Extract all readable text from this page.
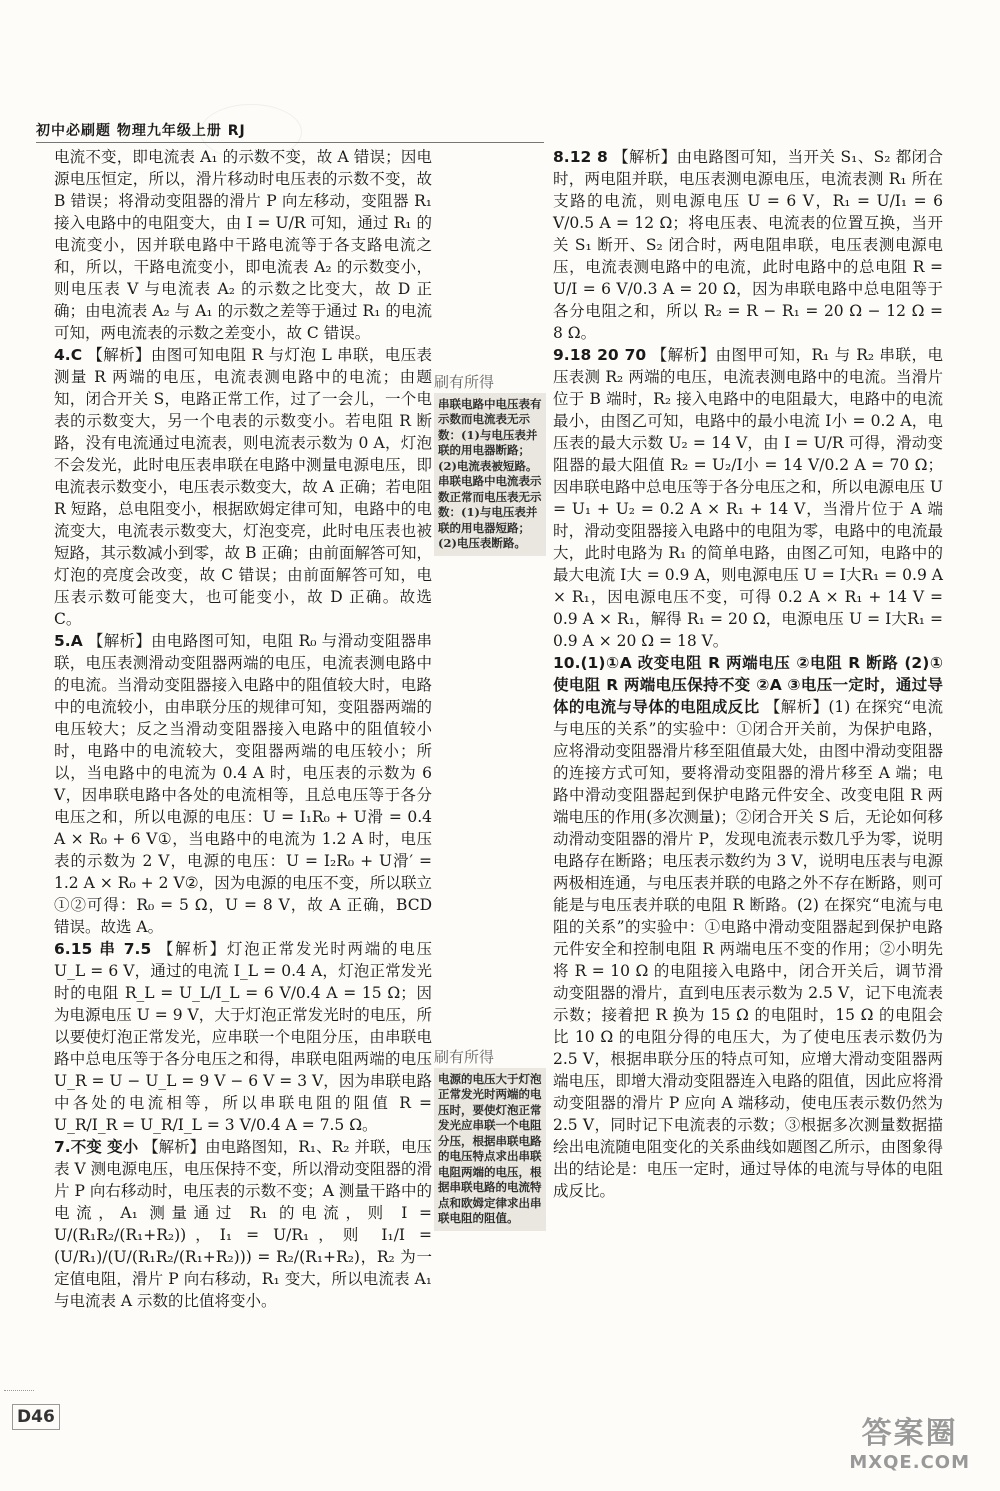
初中必刷题 物理九年级上册 RJ
电流不变，即电流表 A₁ 的示数不变，故 A 错误；因电源电压恒定，所以，滑片移动时电压表的示数不变，故 B 错误；将滑动变阻器的滑片 P 向左移动，变阻器 R₁ 接入电路中的电阻变大，由 I = U/R 可知，通过 R₁ 的电流变小，因并联电路中干路电流等于各支路电流之和，所以，干路电流变小，即电流表 A₂ 的示数变小，则电压表 V 与电流表 A₂ 的示数之比变大，故 D 正确；由电流表 A₂ 与 A₁ 的示数之差等于通过 R₁ 的电流可知，两电流表的示数之差变小，故 C 错误。
4.C 【解析】由图可知电阻 R 与灯泡 L 串联，电压表测量 R 两端的电压，电流表测电路中的电流；由题知，闭合开关 S，电路正常工作，过了一会儿，一个电表的示数变大，另一个电表的示数变小。若电阻 R 断路，没有电流通过电流表，则电流表示数为 0 A，灯泡不会发光，此时电压表串联在电路中测量电源电压，即电流表示数变小，电压表示数变大，故 A 正确；若电阻 R 短路，总电阻变小，根据欧姆定律可知，电路中的电流变大，电流表示数变大，灯泡变亮，此时电压表也被短路，其示数减小到零，故 B 正确；由前面解答可知，灯泡的亮度会改变，故 C 错误；由前面解答可知，电压表示数可能变大，也可能变小，故 D 正确。故选 C。
5.A 【解析】由电路图可知，电阻 R₀ 与滑动变阻器串联，电压表测滑动变阻器两端的电压，电流表测电路中的电流。当滑动变阻器接入电路中的阻值较大时，电路中的电流较小，由串联分压的规律可知，变阻器两端的电压较大；反之当滑动变阻器接入电路中的阻值较小时，电路中的电流较大，变阻器两端的电压较小；所以，当电路中的电流为 0.4 A 时，电压表的示数为 6 V，因串联电路中各处的电流相等，且总电压等于各分电压之和，所以电源的电压：U = I₁R₀ + U滑 = 0.4 A × R₀ + 6 V①，当电路中的电流为 1.2 A 时，电压表的示数为 2 V，电源的电压：U = I₂R₀ + U滑′ = 1.2 A × R₀ + 2 V②，因为电源的电压不变，所以联立①②可得：R₀ = 5 Ω，U = 8 V，故 A 正确，BCD 错误。故选 A。
6.15 串 7.5 【解析】灯泡正常发光时两端的电压 U_L = 6 V，通过的电流 I_L = 0.4 A，灯泡正常发光时的电阻 R_L = U_L/I_L = 6 V/0.4 A = 15 Ω；因为电源电压 U = 9 V，大于灯泡正常发光时的电压，所以要使灯泡正常发光，应串联一个电阻分压，由串联电路中总电压等于各分电压之和得，串联电阻两端的电压 U_R = U − U_L = 9 V − 6 V = 3 V，因为串联电路中各处的电流相等，所以串联电阻的阻值 R = U_R/I_R = U_R/I_L = 3 V/0.4 A = 7.5 Ω。
7.不变 变小 【解析】由电路图知，R₁、R₂ 并联，电压表 V 测电源电压，电压保持不变，所以滑动变阻器的滑片 P 向右移动时，电压表的示数不变；A 测量干路中的电流，A₁ 测量通过 R₁ 的电流，则 I = U/(R₁R₂/(R₁+R₂))，I₁ = U/R₁，则 I₁/I = (U/R₁)/(U/(R₁R₂/(R₁+R₂))) = R₂/(R₁+R₂)，R₂ 为一定值电阻，滑片 P 向右移动，R₁ 变大，所以电流表 A₁ 与电流表 A 示数的比值将变小。
刷有所得
串联电路中电压表有示数而电流表无示数：(1)与电压表并联的用电器断路；(2)电流表被短路。串联电路中电流表示数正常而电压表无示数：(1)与电压表并联的用电器短路；(2)电压表断路。
刷有所得
电源的电压大于灯泡正常发光时两端的电压时，要使灯泡正常发光应串联一个电阻分压，根据串联电路的电压特点求出串联电阻两端的电压，根据串联电路的电流特点和欧姆定律求出串联电阻的阻值。
8.12 8 【解析】由电路图可知，当开关 S₁、S₂ 都闭合时，两电阻并联，电压表测电源电压，电流表测 R₁ 所在支路的电流，则电源电压 U = 6 V，R₁ = U/I₁ = 6 V/0.5 A = 12 Ω；将电压表、电流表的位置互换，当开关 S₁ 断开、S₂ 闭合时，两电阻串联，电压表测电源电压，电流表测电路中的电流，此时电路中的总电阻 R = U/I = 6 V/0.3 A = 20 Ω，因为串联电路中总电阻等于各分电阻之和，所以 R₂ = R − R₁ = 20 Ω − 12 Ω = 8 Ω。
9.18 20 70 【解析】由图甲可知，R₁ 与 R₂ 串联，电压表测 R₂ 两端的电压，电流表测电路中的电流。当滑片位于 B 端时，R₂ 接入电路中的电阻最大，电路中的电流最小，由图乙可知，电路中的最小电流 I小 = 0.2 A，电压表的最大示数 U₂ = 14 V，由 I = U/R 可得，滑动变阻器的最大阻值 R₂ = U₂/I小 = 14 V/0.2 A = 70 Ω；因串联电路中总电压等于各分电压之和，所以电源电压 U = U₁ + U₂ = 0.2 A × R₁ + 14 V，当滑片位于 A 端时，滑动变阻器接入电路中的电阻为零，电路中的电流最大，此时电路为 R₁ 的简单电路，由图乙可知，电路中的最大电流 I大 = 0.9 A，则电源电压 U = I大R₁ = 0.9 A × R₁，因电源电压不变，可得 0.2 A × R₁ + 14 V = 0.9 A × R₁，解得 R₁ = 20 Ω，电源电压 U = I大R₁ = 0.9 A × 20 Ω = 18 V。
10.(1)①A 改变电阻 R 两端电压 ②电阻 R 断路 (2)①使电阻 R 两端电压保持不变 ②A ③电压一定时，通过导体的电流与导体的电阻成反比 【解析】(1) 在探究“电流与电压的关系”的实验中：①闭合开关前，为保护电路，应将滑动变阻器滑片移至阻值最大处，由图中滑动变阻器的连接方式可知，要将滑动变阻器的滑片移至 A 端；电路中滑动变阻器起到保护电路元件安全、改变电阻 R 两端电压的作用(多次测量)；②闭合开关 S 后，无论如何移动滑动变阻器的滑片 P，发现电流表示数几乎为零，说明电路存在断路；电压表示数约为 3 V，说明电压表与电源两极相连通，与电压表并联的电路之外不存在断路，则可能是与电压表并联的电阻 R 断路。(2) 在探究“电流与电阻的关系”的实验中：①电路中滑动变阻器起到保护电路元件安全和控制电阻 R 两端电压不变的作用；②小明先将 R = 10 Ω 的电阻接入电路中，闭合开关后，调节滑动变阻器的滑片，直到电压表示数为 2.5 V，记下电流表示数；接着把 R 换为 15 Ω 的电阻时，15 Ω 的电阻会比 10 Ω 的电阻分得的电压大，为了使电压表示数仍为 2.5 V，根据串联分压的特点可知，应增大滑动变阻器两端电压，即增大滑动变阻器连入电路的阻值，因此应将滑动变阻器的滑片 P 应向 A 端移动，使电压表示数仍然为 2.5 V，同时记下电流表的示数；③根据多次测量数据描绘出电流随电阻变化的关系曲线如题图乙所示，由图象得出的结论是：电压一定时，通过导体的电流与导体的电阻成反比。
D46	答案圈
MXQE.COM
